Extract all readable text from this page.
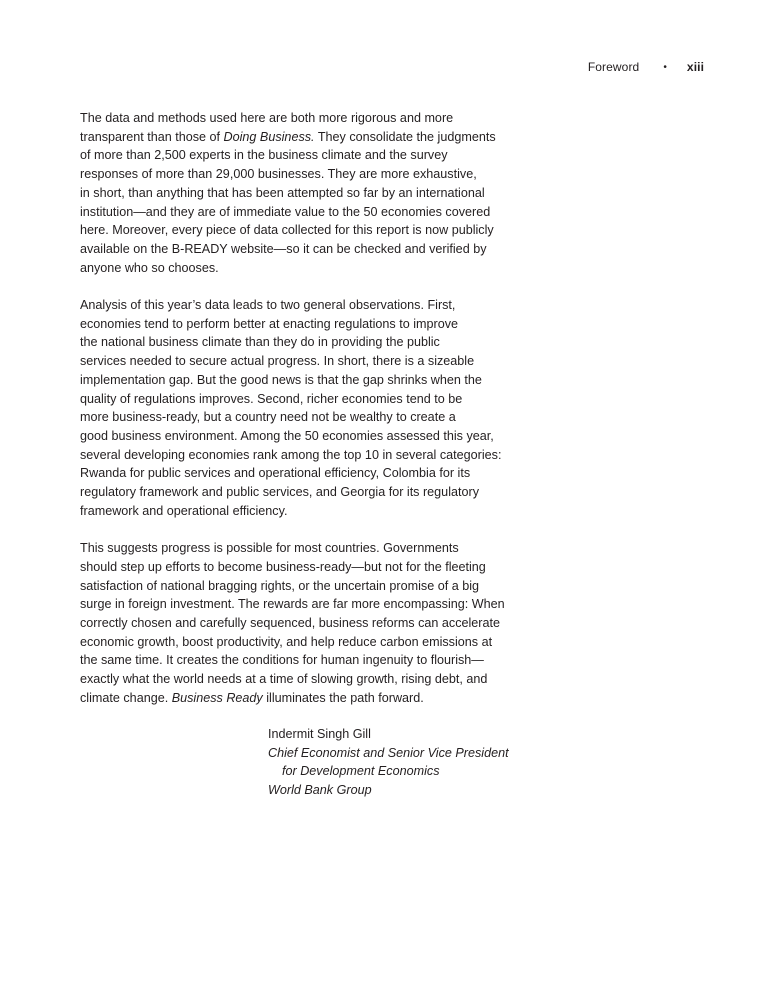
Foreword • xiii

The data and methods used here are both more rigorous and more
transparent than those of Doing Business. They consolidate the judgments
of more than 2,500 experts in the business climate and the survey
responses of more than 29,000 businesses. They are more exhaustive,
in short, than anything that has been attempted so far by an international
institution—and they are of immediate value to the 50 economies covered
here. Moreover, every piece of data collected for this report is now publicly
available on the B-READY website—so it can be checked and verified by
anyone who so chooses.

Analysis of this year’s data leads to two general observations. First,
economies tend to perform better at enacting regulations to improve
the national business climate than they do in providing the public
services needed to secure actual progress. In short, there is a sizeable
implementation gap. But the good news is that the gap shrinks when the
quality of regulations improves. Second, richer economies tend to be
more business-ready, but a country need not be wealthy to create a
good business environment. Among the 50 economies assessed this year,
several developing economies rank among the top 10 in several categories:
Rwanda for public services and operational efficiency, Colombia for its
regulatory framework and public services, and Georgia for its regulatory
framework and operational efficiency.

This suggests progress is possible for most countries. Governments
should step up efforts to become business-ready—but not for the fleeting
satisfaction of national bragging rights, or the uncertain promise of a big
surge in foreign investment. The rewards are far more encompassing: When
correctly chosen and carefully sequenced, business reforms can accelerate
economic growth, boost productivity, and help reduce carbon emissions at
the same time. It creates the conditions for human ingenuity to flourish—
exactly what the world needs at a time of slowing growth, rising debt, and
climate change. Business Ready illuminates the path forward.

Indermit Singh Gill
Chief Economist and Senior Vice President
for Development Economics
World Bank Group
